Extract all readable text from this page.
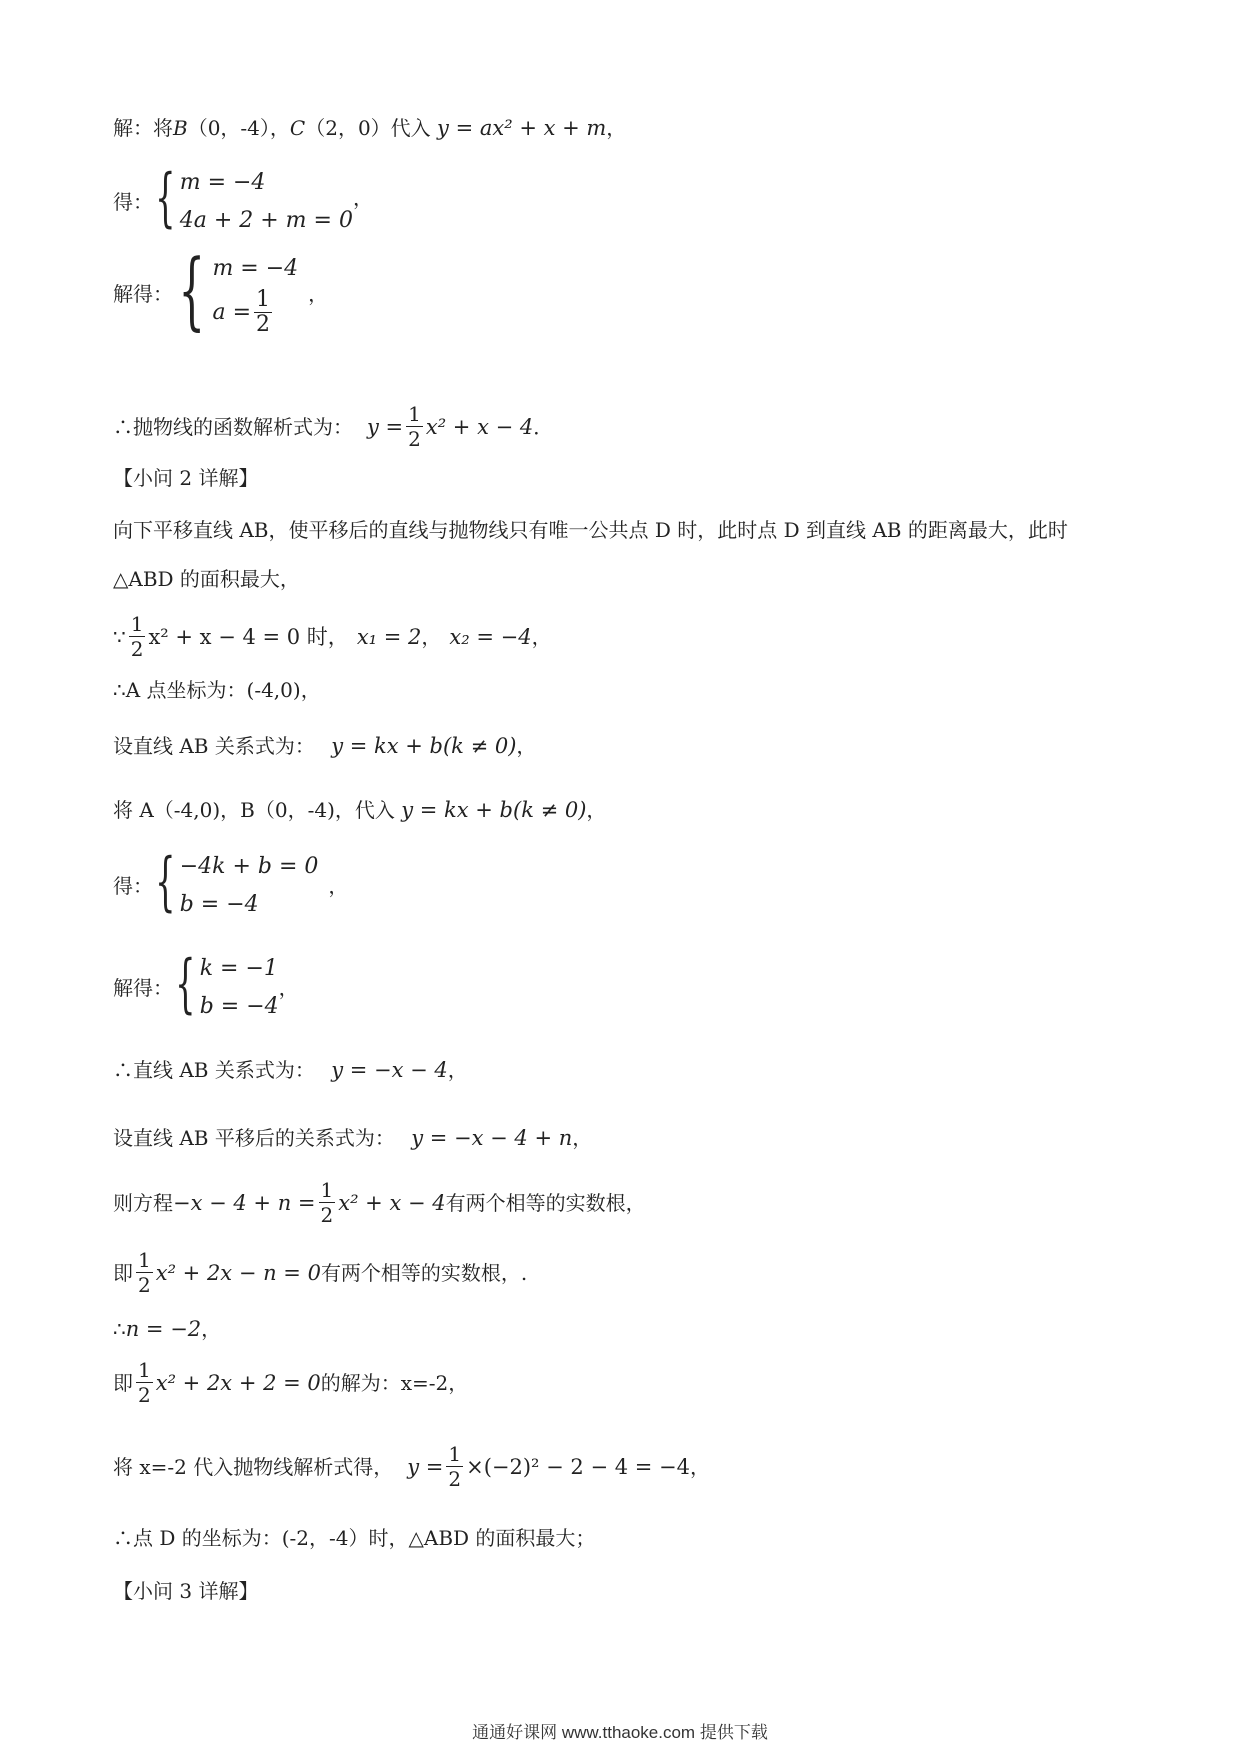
解：将B（0，-4），C（2，0）代入 y = ax² + x + m，
得： { m = −4
4a + 2 + m = 0
，
解得： { m = −4
$a = \frac{1}{2}$ ，
∴抛物线的函数解析式为： $y = \frac{1}{2} x^2 + x - 4$ ．
【小问 2 详解】
向下平移直线 AB，使平移后的直线与抛物线只有唯一公共点 D 时，此时点 D 到直线 AB 的距离最大，此时
△ABD 的面积最大，
∵ $\frac{1}{2} x^2 + x - 4 = 0$ 时， x₁ = 2 ， x₂ = −4 ，
∴A 点坐标为：(-4,0)，
设直线 AB 关系式为： y = kx + b(k ≠ 0)，
将 A（-4,0)，B（0，-4)，代入 y = kx + b(k ≠ 0)，
得： { −4k + b = 0
b = −4
，
解得： { k = −1
b = −4
，
∴直线 AB 关系式为： y = −x − 4，
设直线 AB 平移后的关系式为： y = −x − 4 + n，
则方程 $-x - 4 + n = \frac{1}{2} x^2 + x - 4$ 有两个相等的实数根，
即 $\frac{1}{2} x^2 + 2x - n = 0$ 有两个相等的实数根，.
∴n = −2，
即 $\frac{1}{2} x^2 + 2x + 2 = 0$ 的解为：x=-2，
将 x=-2 代入抛物线解析式得， $y = \frac{1}{2} \times(-2)^2 - 2 - 4 = -4$ ，
∴点 D 的坐标为：(-2，-4）时，△ABD 的面积最大；
【小问 3 详解】
通通好课网 www.tthaoke.com 提供下载
